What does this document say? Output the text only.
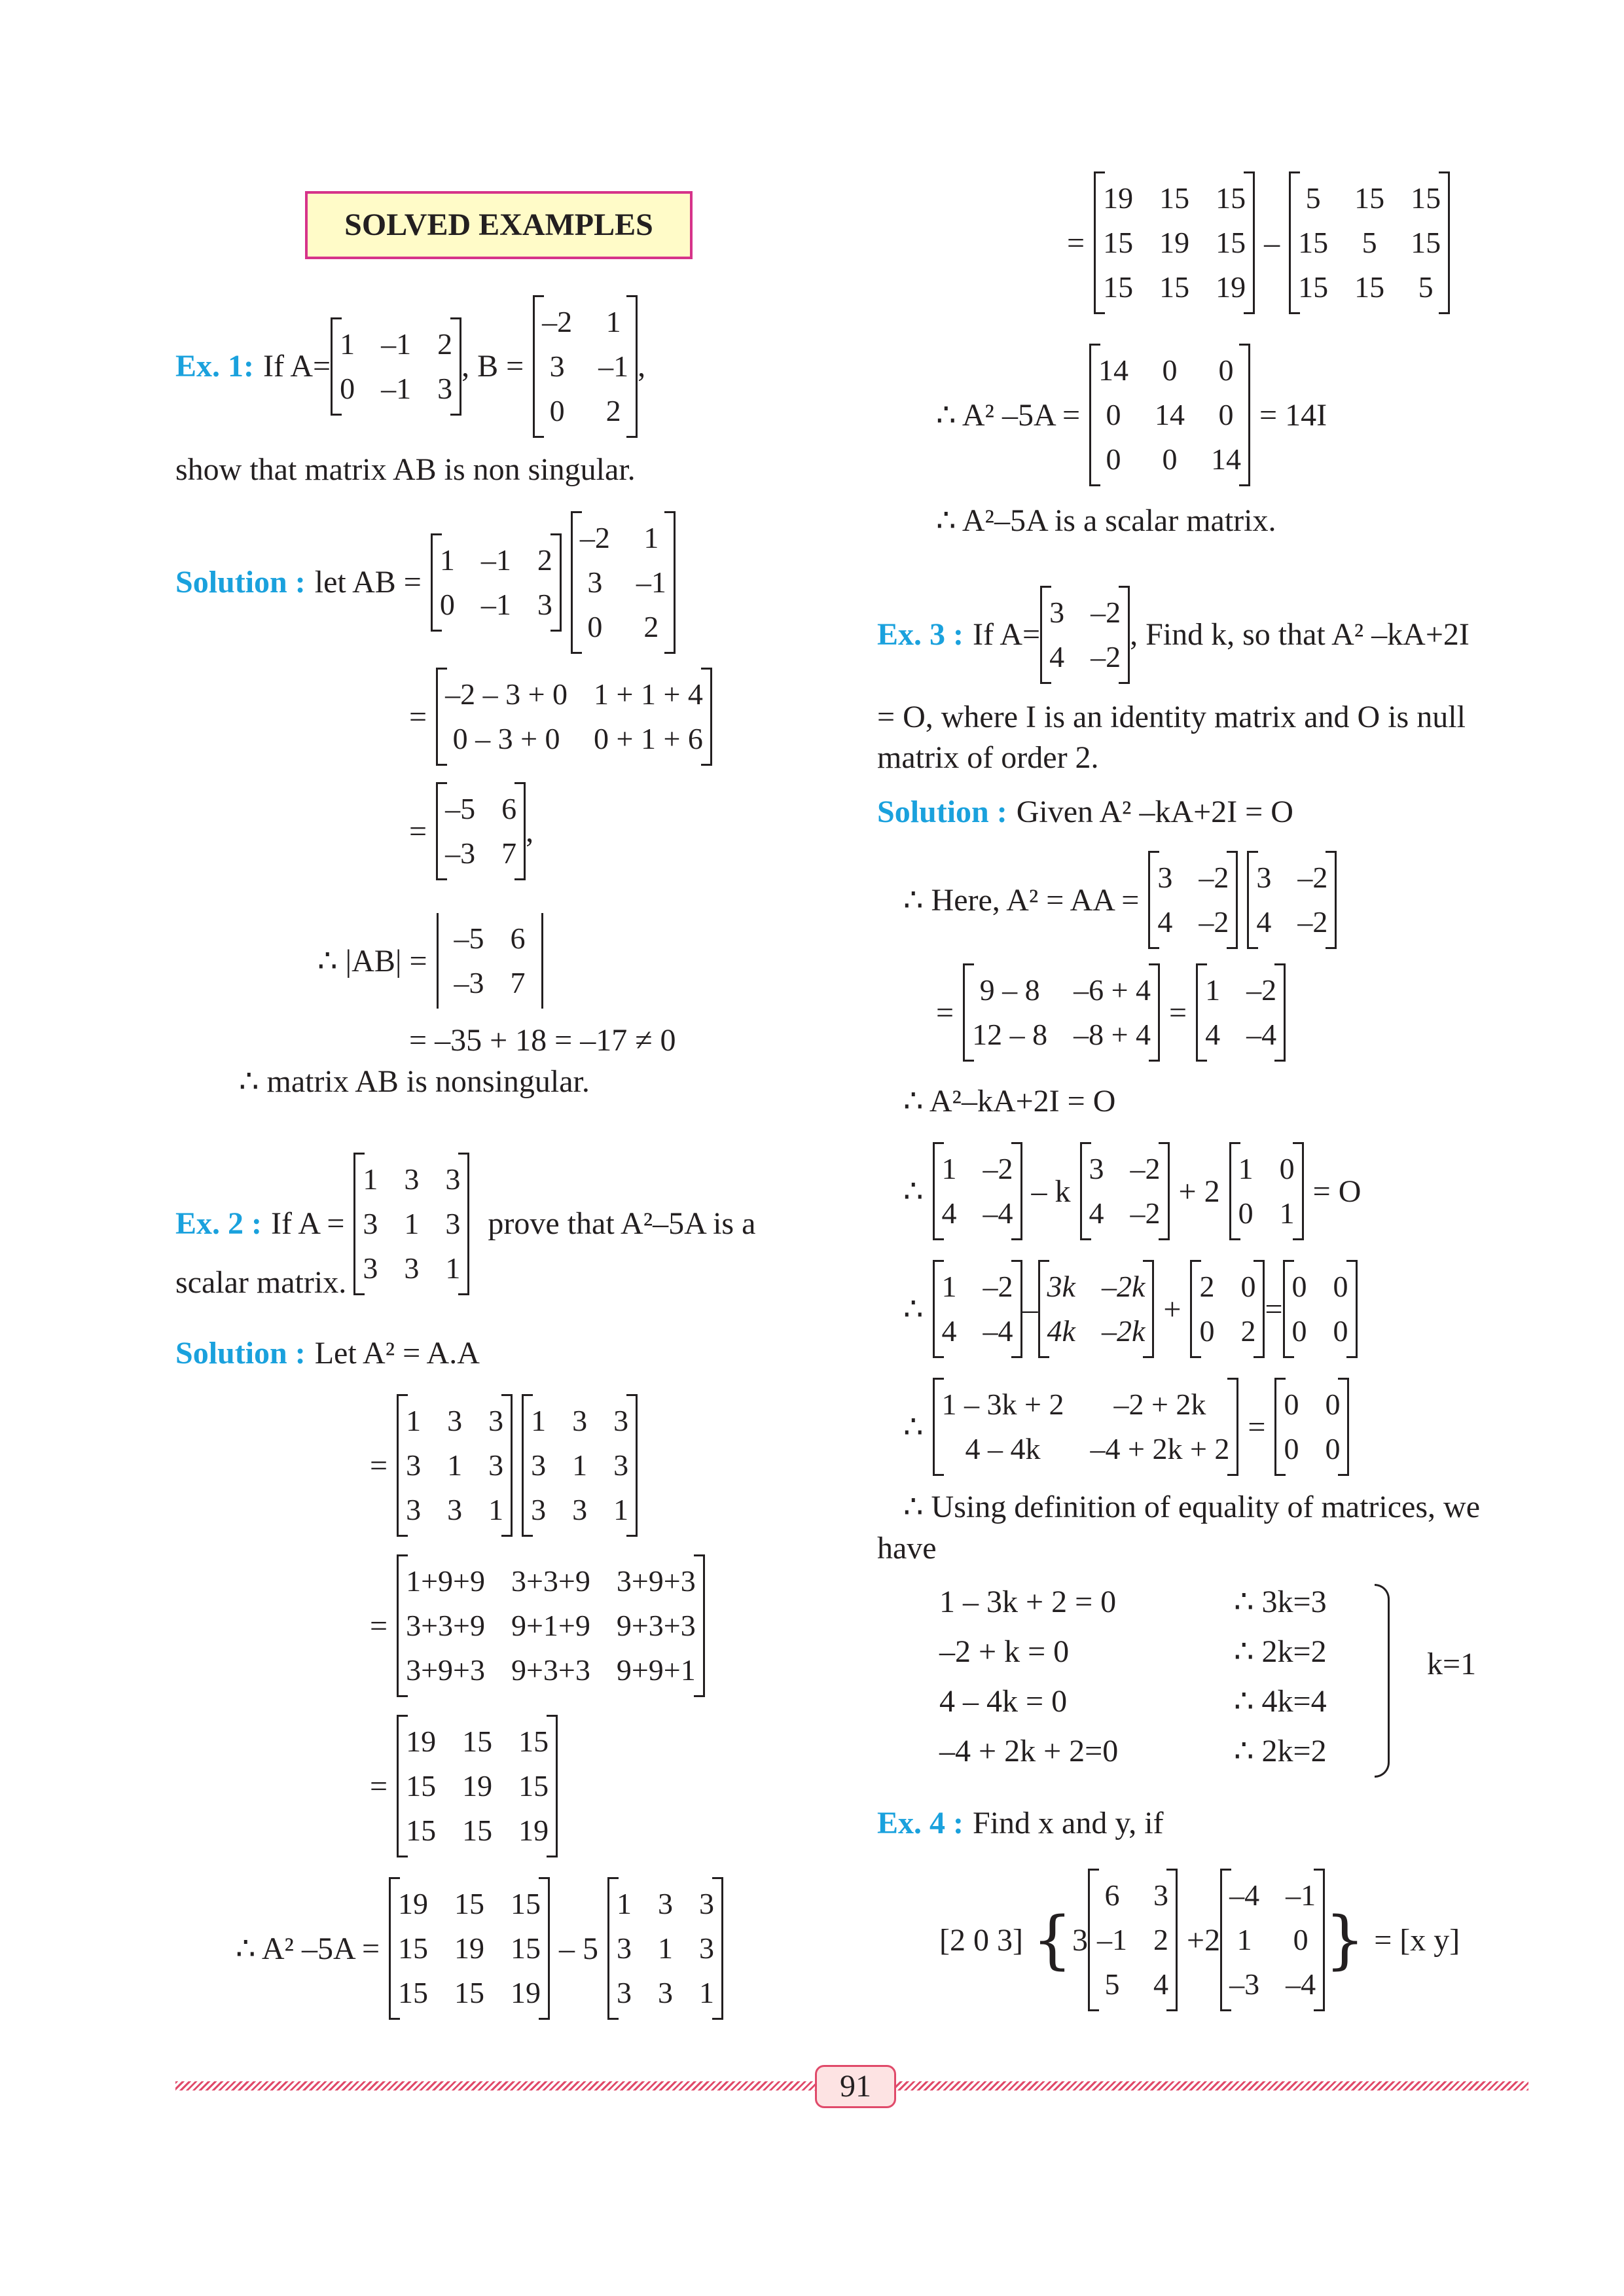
SOLVED EXAMPLES
Ex. 1: If A=
1 –1 2
0 –1 3
, B =
–2 1
3 –1
0 2
,
show that matrix AB is non singular.
Solution : let AB =
1 –1 2
0 –1 3
–2 1
3 –1
0 2
=
–2 – 3 + 0 1 + 1 + 4
0 – 3 + 0 0 + 1 + 6
=
–5 6
–3 7
,
∴ |AB| =
–5 6
–3 7
= –35 + 18 = –17 ≠ 0
∴ matrix AB is nonsingular.
Ex. 2 : If A =
1 3 3
3 1 3
3 3 1
prove that A²–5A is a
scalar matrix.
Solution : Let A² = A.A
=
1 3 3
3 1 3
3 3 1
1 3 3
3 1 3
3 3 1
=
1+9+9 3+3+9 3+9+3
3+3+9 9+1+9 9+3+3
3+9+3 9+3+3 9+9+1
=
19 15 15
15 19 15
15 15 19
∴ A² –5A =
19 15 15
15 19 15
15 15 19
– 5
1 3 3
3 1 3
3 3 1
=
19 15 15
15 19 15
15 15 19
–
5 15 15
15 5 15
15 15 5
∴ A² –5A =
14 0 0
0 14 0
0 0 14
= 14I
∴ A²–5A is a scalar matrix.
Ex. 3 : If A=
3 –2
4 –2
, Find k, so that A² –kA+2I
= O, where I is an identity matrix and O is null
matrix of order 2.
Solution : Given A² –kA+2I = O
∴ Here, A² = AA =
3 –2
4 –2
3 –2
4 –2
=
9 – 8 –6 + 4
12 – 8 –8 + 4
=
1 –2
4 –4
∴ A²–kA+2I = O
∴
1 –2
4 –4
– k
3 –2
4 –2
+ 2
1 0
0 1
= O
∴
1 –2
4 –4
–
3k –2k
4k –2k
+
2 0
0 2
=
0 0
0 0
∴
1 – 3k + 2	–2 + 2k
4 – 4k	–4 + 2k + 2
=
0 0
0 0
∴ Using definition of equality of matrices, we
have
1 – 3k + 2 = 0
–2 + k = 0
4 – 4k = 0
–4 + 2k + 2=0
∴ 3k=3
∴ 2k=2
∴ 4k=4
∴ 2k=2
k=1
Ex. 4 : Find x and y, if
[2 0 3] { 3
6 3
–1 2
5 4
+2
–4 –1
1 0
–3 –4
} = [x y]
91
